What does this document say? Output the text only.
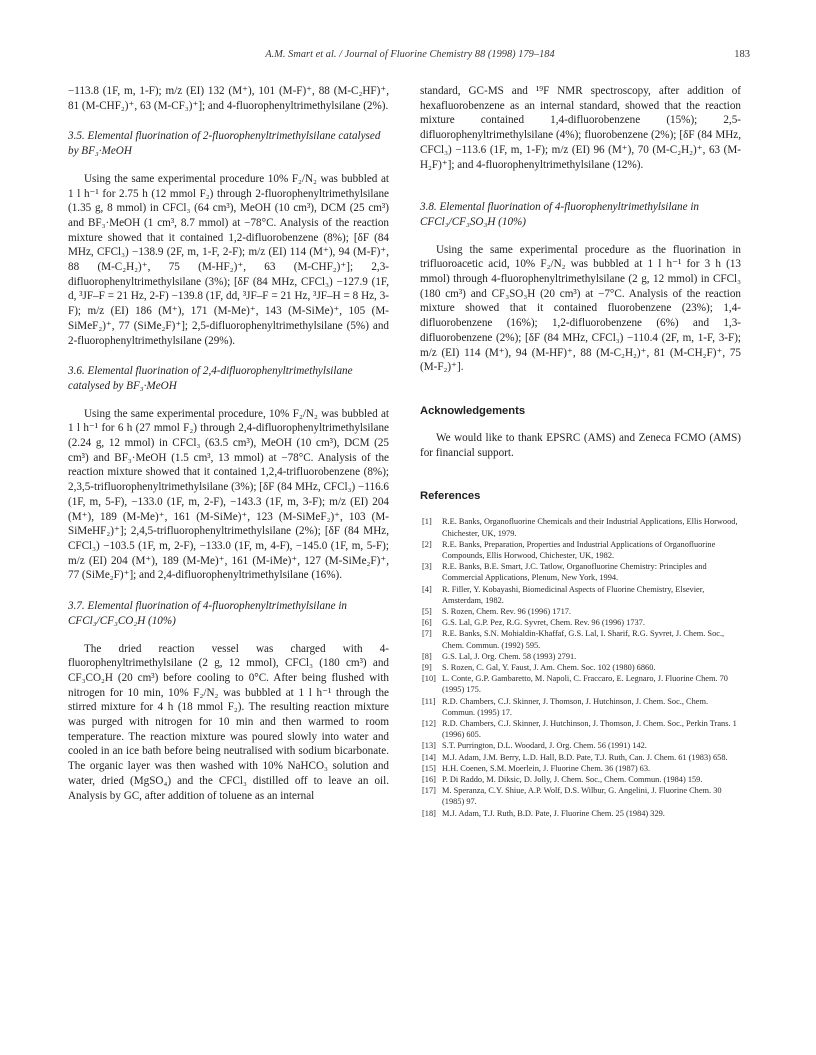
A.M. Smart et al. / Journal of Fluorine Chemistry 88 (1998) 179–184	183

−113.8 (1F, m, 1-F); m/z (EI) 132 (M⁺), 101 (M-F)⁺, 88 (M-C₂HF)⁺, 81 (M-CHF₂)⁺, 63 (M-CF₃)⁺]; and 4-fluorophenyltrimethylsilane (2%).

3.5. Elemental fluorination of 2-fluorophenyltrimethylsilane catalysed by BF₃·MeOH

Using the same experimental procedure 10% F₂/N₂ was bubbled at 1 l h⁻¹ for 2.75 h (12 mmol F₂) through 2-fluorophenyltrimethylsilane (1.35 g, 8 mmol) in CFCl₃ (64 cm³), MeOH (10 cm³), DCM (25 cm³) and BF₃·MeOH (1 cm³, 8.7 mmol) at −78°C. Analysis of the reaction mixture showed that it contained 1,2-difluorobenzene (8%); [δF (84 MHz, CFCl₃) −138.9 (2F, m, 1-F, 2-F); m/z (EI) 114 (M⁺), 94 (M-F)⁺, 88 (M-C₂H₂)⁺, 75 (M-HF₂)⁺, 63 (M-CHF₂)⁺]; 2,3-difluorophenyltrimethylsilane (3%); [δF (84 MHz, CFCl₃) −127.9 (1F, d, ³JF–F = 21 Hz, 2-F) −139.8 (1F, dd, ³JF–F = 21 Hz, ³JF–H = 8 Hz, 3-F); m/z (EI) 186 (M⁺), 171 (M-Me)⁺, 143 (M-SiMe)⁺, 105 (M-SiMeF₂)⁺, 77 (SiMe₂F)⁺]; 2,5-difluorophenyltrimethylsilane (5%) and 2-fluorophenyltrimethylsilane (29%).

3.6. Elemental fluorination of 2,4-difluorophenyltrimethylsilane catalysed by BF₃·MeOH

Using the same experimental procedure, 10% F₂/N₂ was bubbled at 1 l h⁻¹ for 6 h (27 mmol F₂) through 2,4-difluorophenyltrimethylsilane (2.24 g, 12 mmol) in CFCl₃ (63.5 cm³), MeOH (10 cm³), DCM (25 cm³) and BF₃·MeOH (1.5 cm³, 13 mmol) at −78°C. Analysis of the reaction mixture showed that it contained 1,2,4-trifluorobenzene (8%); 2,3,5-trifluorophenyltrimethylsilane (3%); [δF (84 MHz, CFCl₃) −116.6 (1F, m, 5-F), −133.0 (1F, m, 2-F), −143.3 (1F, m, 3-F); m/z (EI) 204 (M⁺), 189 (M-Me)⁺, 161 (M-SiMe)⁺, 123 (M-SiMeF₂)⁺, 103 (M-SiMeHF₂)⁺]; 2,4,5-trifluorophenyltrimethylsilane (2%); [δF (84 MHz, CFCl₃) −103.5 (1F, m, 2-F), −133.0 (1F, m, 4-F), −145.0 (1F, m, 5-F); m/z (EI) 204 (M⁺), 189 (M-Me)⁺, 161 (M-iMe)⁺, 127 (M-SiMe₂F)⁺, 77 (SiMe₂F)⁺]; and 2,4-difluorophenyltrimethylsilane (16%).

3.7. Elemental fluorination of 4-fluorophenyltrimethylsilane in CFCl₃/CF₃CO₂H (10%)

The dried reaction vessel was charged with 4-fluorophenyltrimethylsilane (2 g, 12 mmol), CFCl₃ (180 cm³) and CF₃CO₂H (20 cm³) before cooling to 0°C. After being flushed with nitrogen for 10 min, 10% F₂/N₂ was bubbled at 1 l h⁻¹ through the stirred mixture for 4 h (18 mmol F₂). The resulting reaction mixture was purged with nitrogen for 10 min and then warmed to room temperature. The reaction mixture was poured slowly into water and cooled in an ice bath before being neutralised with sodium bicarbonate. The organic layer was then washed with 10% NaHCO₃ solution and water, dried (MgSO₄) and the CFCl₃ distilled off to leave an oil. Analysis by GC, after addition of toluene as an internal

standard, GC-MS and ¹⁹F NMR spectroscopy, after addition of hexafluorobenzene as an internal standard, showed that the reaction mixture contained 1,4-difluorobenzene (15%); 2,5-difluorophenyltrimethylsilane (4%); fluorobenzene (2%); [δF (84 MHz, CFCl₃) −113.6 (1F, m, 1-F); m/z (EI) 96 (M⁺), 70 (M-C₂H₂)⁺, 63 (M-H₂F)⁺]; and 4-fluorophenyltrimethylsilane (12%).

3.8. Elemental fluorination of 4-fluorophenyltrimethylsilane in CFCl₃/CF₃SO₃H (10%)

Using the same experimental procedure as the fluorination in trifluoroacetic acid, 10% F₂/N₂ was bubbled at 1 l h⁻¹ for 3 h (13 mmol) through 4-fluorophenyltrimethylsilane (2 g, 12 mmol) in CFCl₃ (180 cm³) and CF₃SO₃H (20 cm³) at −7°C. Analysis of the reaction mixture showed that it contained fluorobenzene (23%); 1,4-difluorobenzene (16%); 1,2-difluorobenzene (6%) and 1,3-difluorobenzene (2%); [δF (84 MHz, CFCl₃) −110.4 (2F, m, 1-F, 3-F); m/z (EI) 114 (M⁺), 94 (M-HF)⁺, 88 (M-C₂H₂)⁺, 81 (M-CH₂F)⁺, 75 (M-F₂)⁺].

Acknowledgements

We would like to thank EPSRC (AMS) and Zeneca FCMO (AMS) for financial support.

References
[1] R.E. Banks, Organofluorine Chemicals and their Industrial Applications, Ellis Horwood, Chichester, UK, 1979.
[2] R.E. Banks, Preparation, Properties and Industrial Applications of Organofluorine Compounds, Ellis Horwood, Chichester, UK, 1982.
[3] R.E. Banks, B.E. Smart, J.C. Tatlow, Organofluorine Chemistry: Principles and Commercial Applications, Plenum, New York, 1994.
[4] R. Filler, Y. Kobayashi, Biomedicinal Aspects of Fluorine Chemistry, Elsevier, Amsterdam, 1982.
[5] S. Rozen, Chem. Rev. 96 (1996) 1717.
[6] G.S. Lal, G.P. Pez, R.G. Syvret, Chem. Rev. 96 (1996) 1737.
[7] R.E. Banks, S.N. Mohialdin-Khaffaf, G.S. Lal, I. Sharif, R.G. Syvret, J. Chem. Soc., Chem. Commun. (1992) 595.
[8] G.S. Lal, J. Org. Chem. 58 (1993) 2791.
[9] S. Rozen, C. Gal, Y. Faust, J. Am. Chem. Soc. 102 (1980) 6860.
[10] L. Conte, G.P. Gambaretto, M. Napoli, C. Fraccaro, E. Legnaro, J. Fluorine Chem. 70 (1995) 175.
[11] R.D. Chambers, C.J. Skinner, J. Thomson, J. Hutchinson, J. Chem. Soc., Chem. Commun. (1995) 17.
[12] R.D. Chambers, C.J. Skinner, J. Hutchinson, J. Thomson, J. Chem. Soc., Perkin Trans. 1 (1996) 605.
[13] S.T. Purrington, D.L. Woodard, J. Org. Chem. 56 (1991) 142.
[14] M.J. Adam, J.M. Berry, L.D. Hall, B.D. Pate, T.J. Ruth, Can. J. Chem. 61 (1983) 658.
[15] H.H. Coenen, S.M. Moerlein, J. Fluorine Chem. 36 (1987) 63.
[16] P. Di Raddo, M. Diksic, D. Jolly, J. Chem. Soc., Chem. Commun. (1984) 159.
[17] M. Speranza, C.Y. Shiue, A.P. Wolf, D.S. Wilbur, G. Angelini, J. Fluorine Chem. 30 (1985) 97.
[18] M.J. Adam, T.J. Ruth, B.D. Pate, J. Fluorine Chem. 25 (1984) 329.
